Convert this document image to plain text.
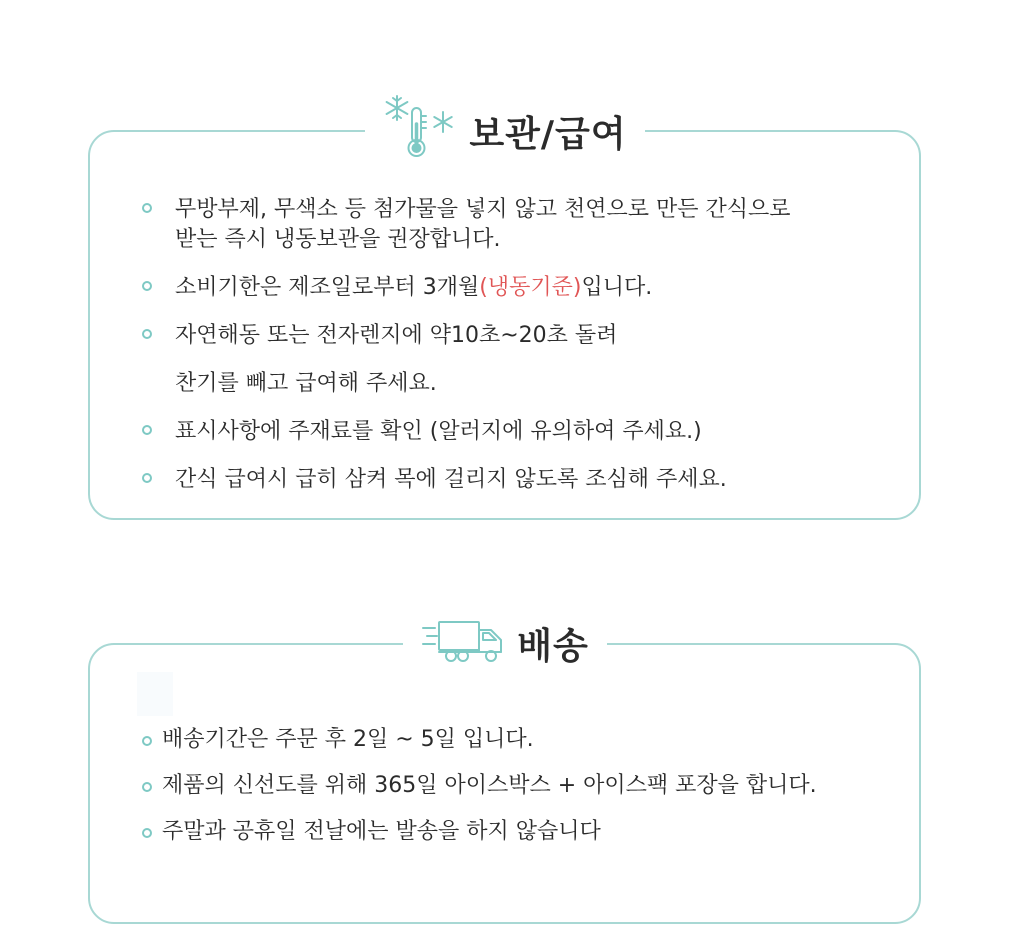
보관/급여
무방부제, 무색소 등 첨가물을 넣지 않고 천연으로 만든 간식으로
받는 즉시 냉동보관을 권장합니다.
소비기한은 제조일로부터 3개월(냉동기준)입니다.
자연해동 또는 전자렌지에 약10초~20초 돌려
찬기를 빼고 급여해 주세요.
표시사항에 주재료를 확인 (알러지에 유의하여 주세요.)
간식 급여시 급히 삼켜 목에 걸리지 않도록 조심해 주세요.
배송
배송기간은 주문 후 2일 ~ 5일 입니다.
제품의 신선도를 위해 365일 아이스박스 + 아이스팩 포장을 합니다.
주말과 공휴일 전날에는 발송을 하지 않습니다
